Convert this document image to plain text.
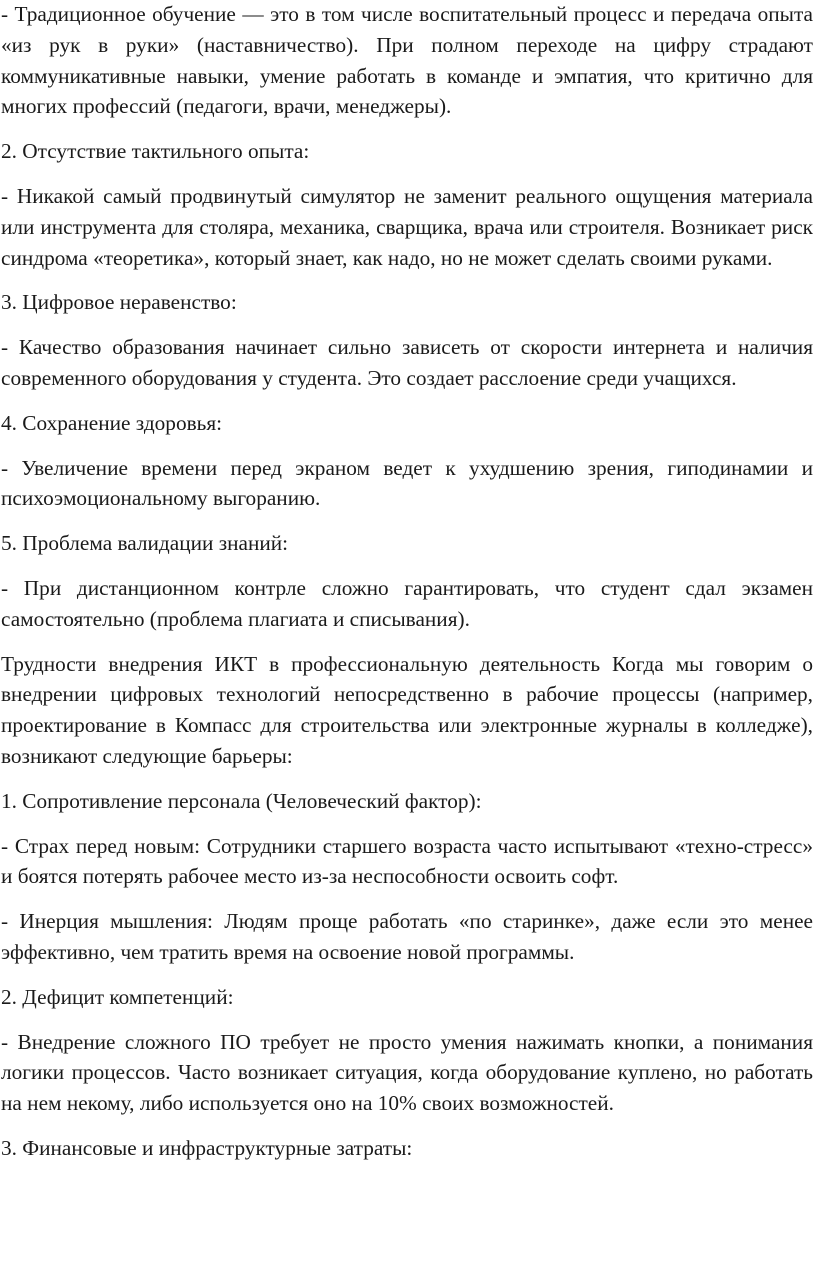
- Традиционное обучение — это в том числе воспитательный процесс и передача опыта «из рук в руки» (наставничество). При полном переходе на цифру страдают коммуникативные навыки, умение работать в команде и эмпатия, что критично для многих профессий (педагоги, врачи, менеджеры).

2. Отсутствие тактильного опыта:

- Никакой самый продвинутый симулятор не заменит реального ощущения материала или инструмента для столяра, механика, сварщика, врача или строителя. Возникает риск синдрома «теоретика», который знает, как надо, но не может сделать своими руками.

3. Цифровое неравенство:

- Качество образования начинает сильно зависеть от скорости интернета и наличия современного оборудования у студента. Это создает расслоение среди учащихся.

4. Сохранение здоровья:

- Увеличение времени перед экраном ведет к ухудшению зрения, гиподинамии и психоэмоциональному выгоранию.

5. Проблема валидации знаний:

- При дистанционном контрле сложно гарантировать, что студент сдал экзамен самостоятельно (проблема плагиата и списывания).

Трудности внедрения ИКТ в профессиональную деятельность Когда мы говорим о внедрении цифровых технологий непосредственно в рабочие процессы (например, проектирование в Компасс для строительства или электронные журналы в колледже), возникают следующие барьеры:

1. Сопротивление персонала (Человеческий фактор):

- Страх перед новым: Сотрудники старшего возраста часто испытывают «техно-стресс» и боятся потерять рабочее место из-за неспособности освоить софт.

- Инерция мышления: Людям проще работать «по старинке», даже если это менее эффективно, чем тратить время на освоение новой программы.

2. Дефицит компетенций:

- Внедрение сложного ПО требует не просто умения нажимать кнопки, а понимания логики процессов. Часто возникает ситуация, когда оборудование куплено, но работать на нем некому, либо используется оно на 10% своих возможностей.

3. Финансовые и инфраструктурные затраты:
